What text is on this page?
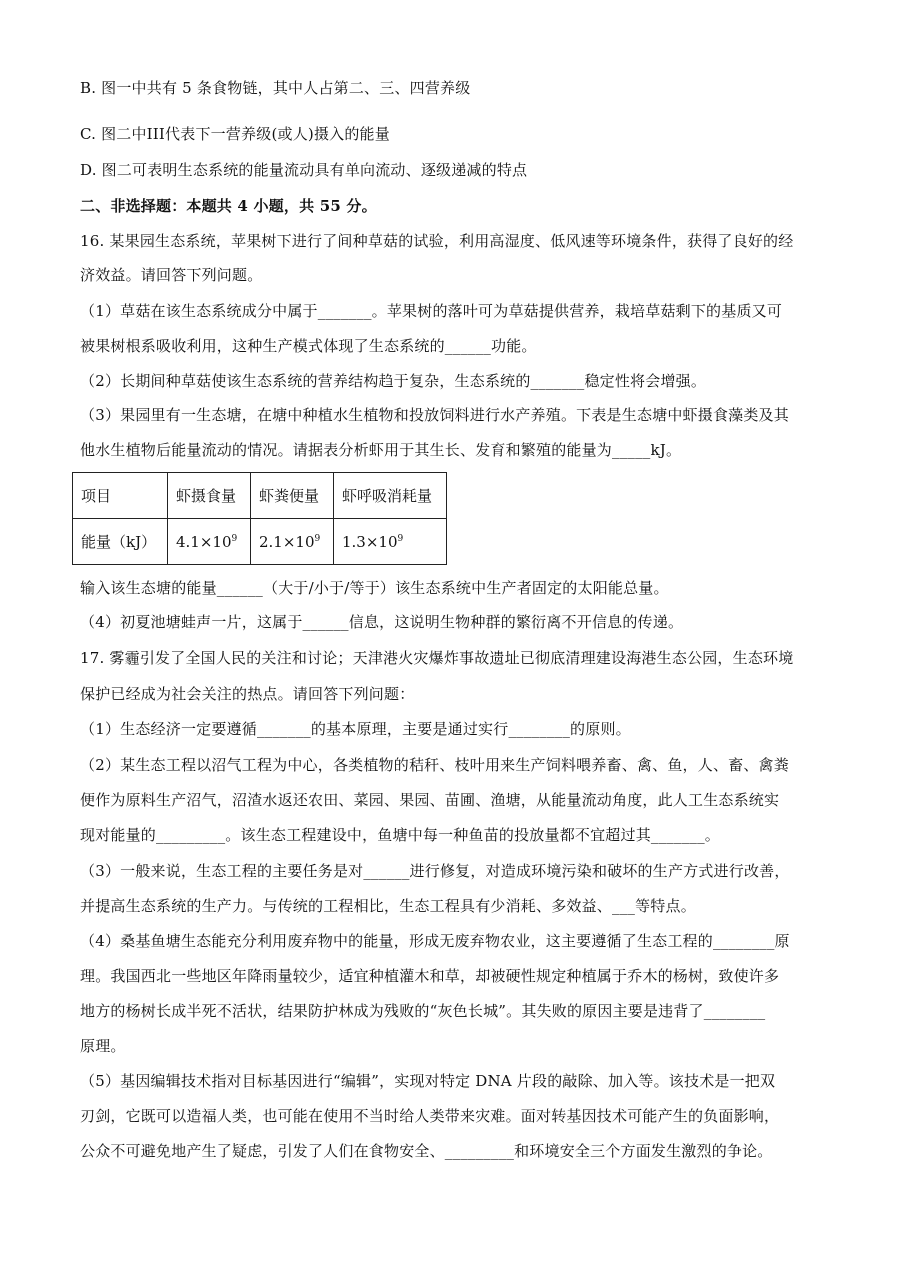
B. 图一中共有 5 条食物链，其中人占第二、三、四营养级
C. 图二中III代表下一营养级(或人)摄入的能量
D. 图二可表明生态系统的能量流动具有单向流动、逐级递减的特点
二、非选择题：本题共 4 小题，共 55 分。
16. 某果园生态系统，苹果树下进行了间种草菇的试验，利用高湿度、低风速等环境条件，获得了良好的经
济效益。请回答下列问题。
（1）草菇在该生态系统成分中属于_______。苹果树的落叶可为草菇提供营养，栽培草菇剩下的基质又可
被果树根系吸收利用，这种生产模式体现了生态系统的______功能。
（2）长期间种草菇使该生态系统的营养结构趋于复杂，生态系统的_______稳定性将会增强。
（3）果园里有一生态塘，在塘中种植水生植物和投放饲料进行水产养殖。下表是生态塘中虾摄食藻类及其
他水生植物后能量流动的情况。请据表分析虾用于其生长、发育和繁殖的能量为_____kJ。
项目	虾摄食量	虾粪便量	虾呼吸消耗量
能量（kJ）	$4.1\times 10^9$	$2.1\times 10^9$	$1.3\times 10^9$
输入该生态塘的能量______（大于/小于/等于）该生态系统中生产者固定的太阳能总量。
（4）初夏池塘蛙声一片，这属于______信息，这说明生物种群的繁衍离不开信息的传递。
17. 雾霾引发了全国人民的关注和讨论；天津港火灾爆炸事故遗址已彻底清理建设海港生态公园，生态环境
保护已经成为社会关注的热点。请回答下列问题：
（1）生态经济一定要遵循_______的基本原理，主要是通过实行________的原则。
（2）某生态工程以沼气工程为中心，各类植物的秸秆、枝叶用来生产饲料喂养畜、禽、鱼，人、畜、禽粪
便作为原料生产沼气，沼渣水返还农田、菜园、果园、苗圃、渔塘，从能量流动角度，此人工生态系统实
现对能量的_________。该生态工程建设中，鱼塘中每一种鱼苗的投放量都不宜超过其_______。
（3）一般来说，生态工程的主要任务是对______进行修复，对造成环境污染和破坏的生产方式进行改善，
并提高生态系统的生产力。与传统的工程相比，生态工程具有少消耗、多效益、___等特点。
（4）桑基鱼塘生态能充分利用废弃物中的能量，形成无废弃物农业，这主要遵循了生态工程的________原
理。我国西北一些地区年降雨量较少，适宜种植灌木和草，却被硬性规定种植属于乔木的杨树，致使许多
地方的杨树长成半死不活状，结果防护林成为残败的“灰色长城”。其失败的原因主要是违背了________
原理。
（5）基因编辑技术指对目标基因进行“编辑”，实现对特定 DNA 片段的敲除、加入等。该技术是一把双
刃剑，它既可以造福人类，也可能在使用不当时给人类带来灾难。面对转基因技术可能产生的负面影响，
公众不可避免地产生了疑虑，引发了人们在食物安全、_________和环境安全三个方面发生激烈的争论。
